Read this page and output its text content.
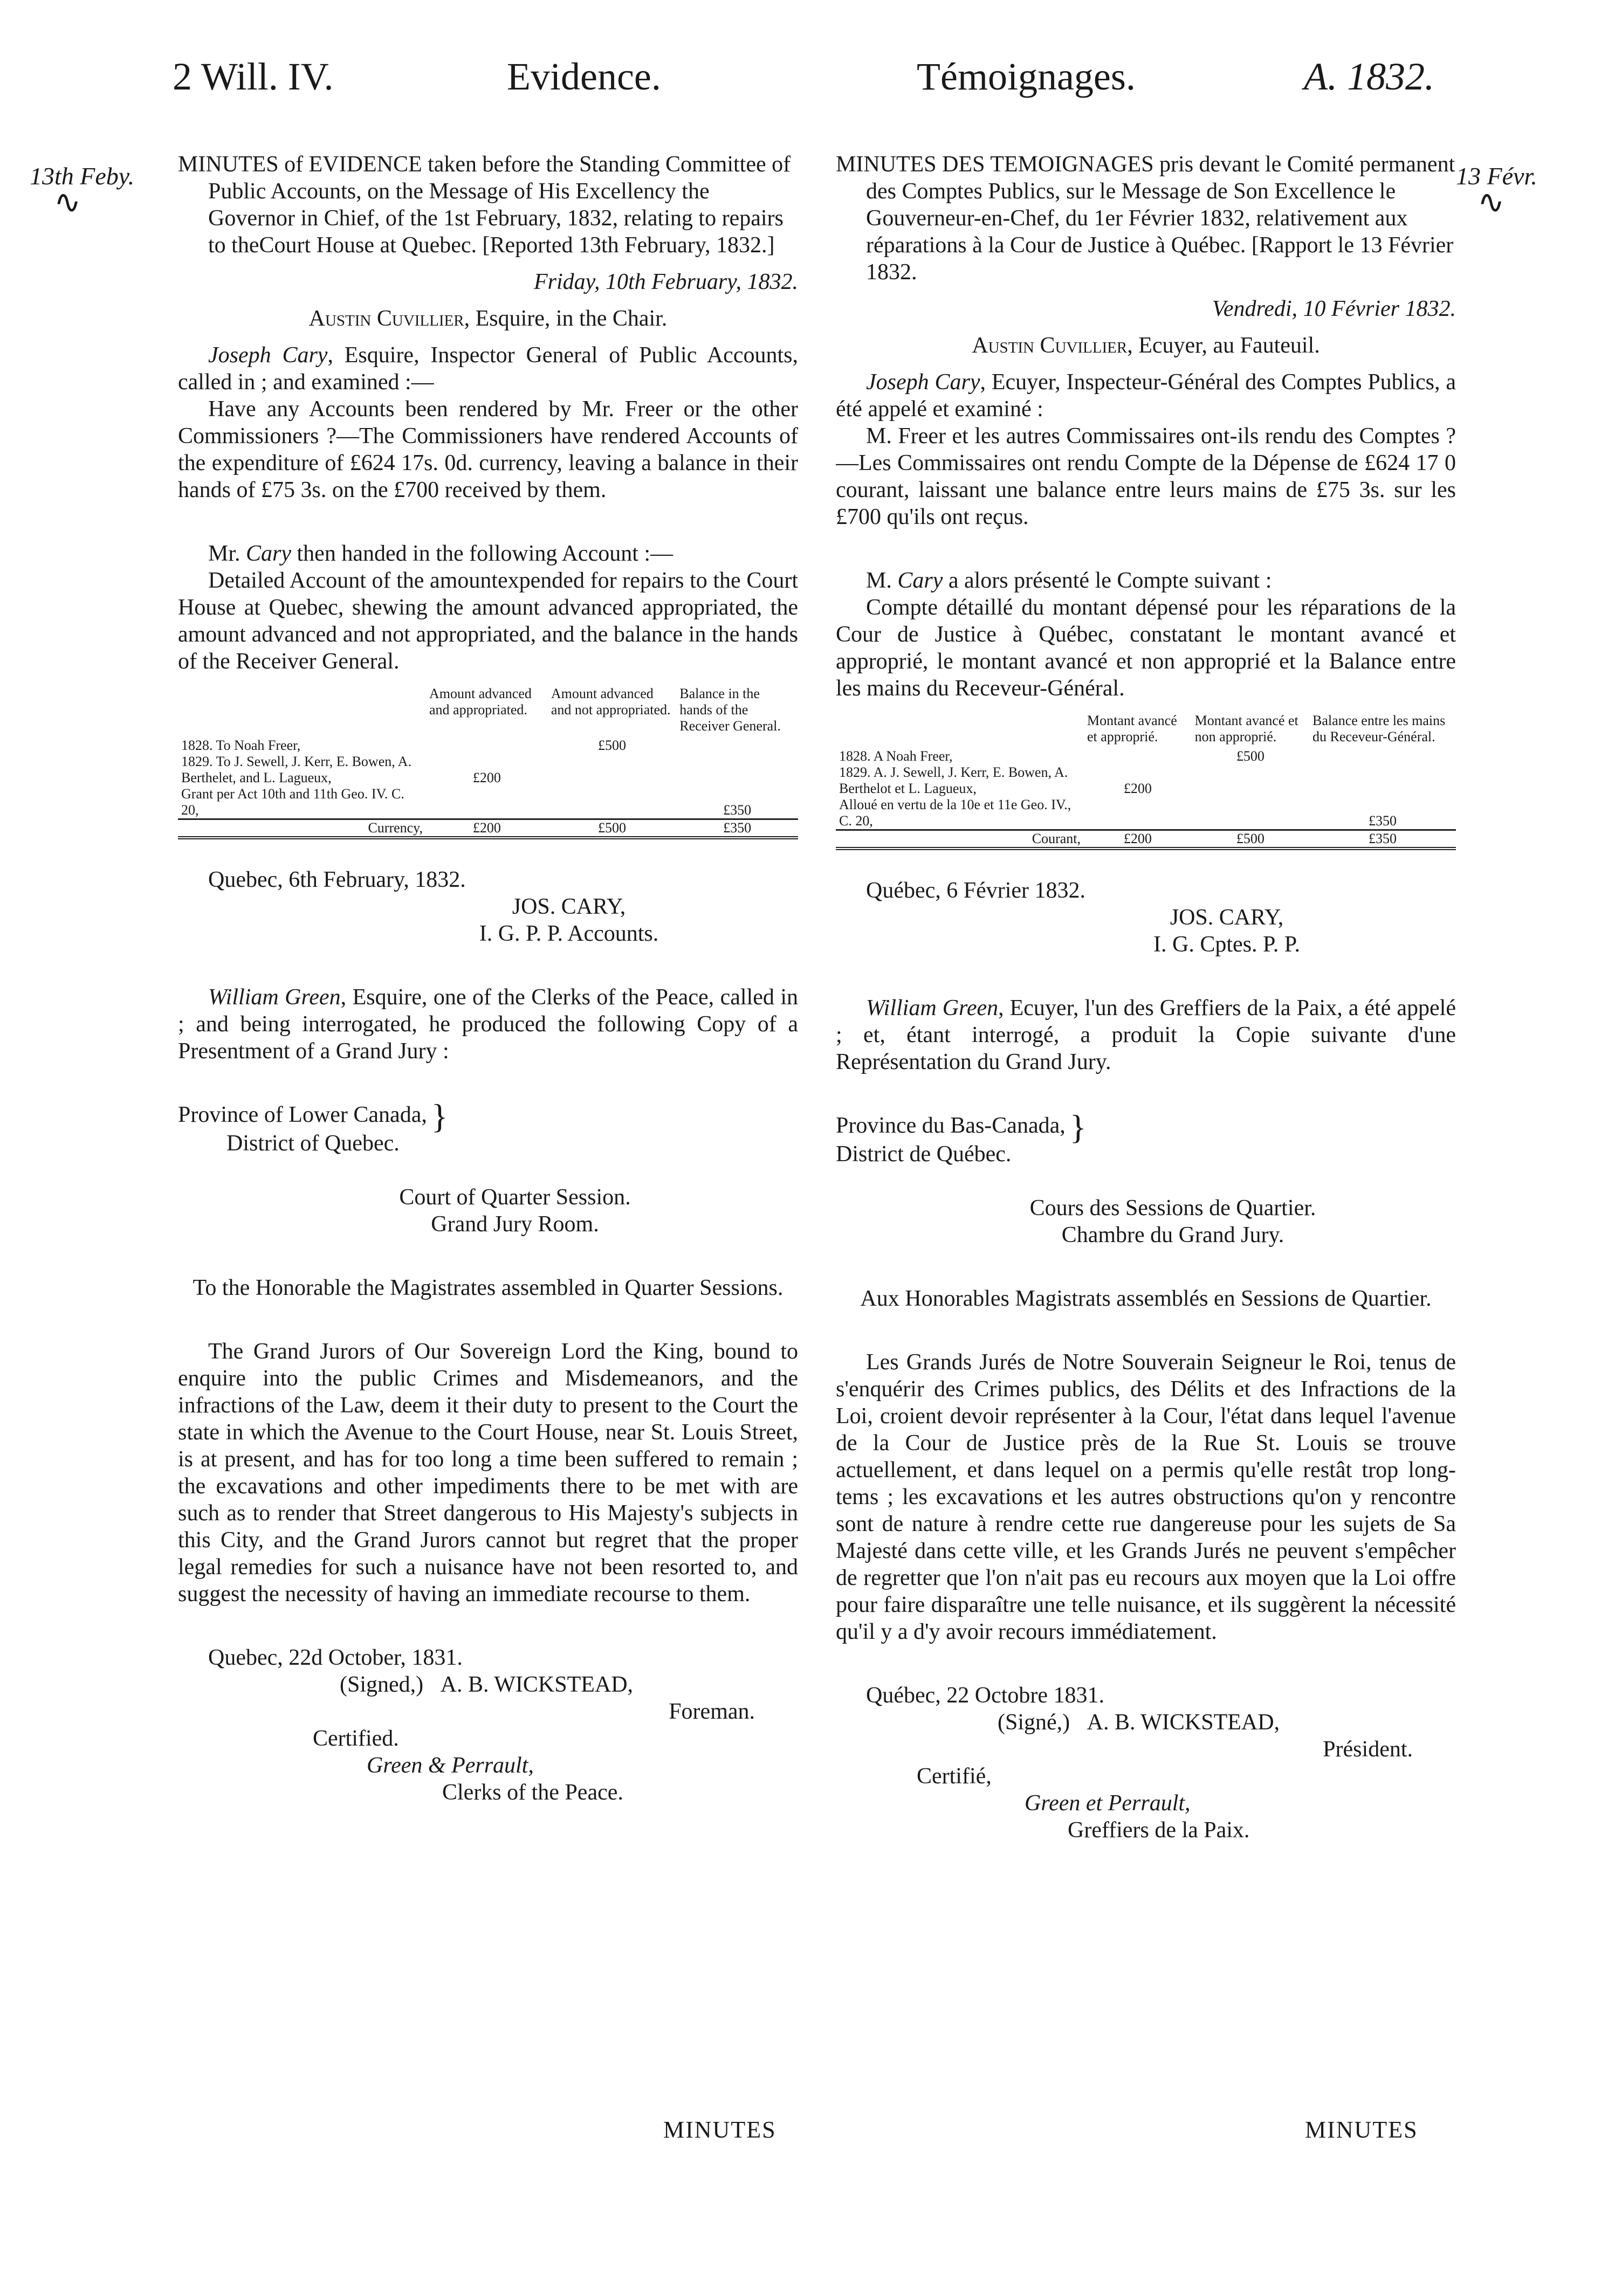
2 Will. IV.	Evidence.	Témoignages.	A. 1832.
13th Feby.
∿
13 Févr.
∿

MINUTES of EVIDENCE taken before the Standing Committee of Public Accounts, on the Message of His Excellency the Governor in Chief, of the 1st February, 1832, relating to repairs to theCourt House at Quebec. [Reported 13th February, 1832.]

Friday, 10th February, 1832.

Austin Cuvillier, Esquire, in the Chair.

Joseph Cary, Esquire, Inspector General of Public Accounts, called in ; and examined :—

Have any Accounts been rendered by Mr. Freer or the other Commissioners ?—The Commissioners have rendered Accounts of the expenditure of £624 17s. 0d. currency, leaving a balance in their hands of £75 3s. on the £700 received by them.

Mr. Cary then handed in the following Account :—

Detailed Account of the amountexpended for repairs to the Court House at Quebec, shewing the amount advanced appropriated, the amount advanced and not appropriated, and the balance in the hands of the Receiver General.

	Amount advanced and appropriated.	Amount advanced and not appropriated.	Balance in the hands of the Receiver General.
1828. To Noah Freer,		£500	
1829. To J. Sewell, J. Kerr, E. Bowen, A. Berthelet, and L. Lagueux,	£200		
Grant per Act 10th and 11th Geo. IV. C. 20,			£350
Currency,	£200	£500	£350

Quebec, 6th February, 1832.

JOS. CARY,

I. G. P. P. Accounts.

William Green, Esquire, one of the Clerks of the Peace, called in ; and being interrogated, he produced the following Copy of a Presentment of a Grand Jury :

Province of Lower Canada, }

District of Quebec.

Court of Quarter Session.

Grand Jury Room.

To the Honorable the Magistrates assembled in Quarter Sessions.

The Grand Jurors of Our Sovereign Lord the King, bound to enquire into the public Crimes and Misdemeanors, and the infractions of the Law, deem it their duty to present to the Court the state in which the Avenue to the Court House, near St. Louis Street, is at present, and has for too long a time been suffered to remain ; the excavations and other impediments there to be met with are such as to render that Street dangerous to His Majesty's subjects in this City, and the Grand Jurors cannot but regret that the proper legal remedies for such a nuisance have not been resorted to, and suggest the necessity of having an immediate recourse to them.

Quebec, 22d October, 1831.

(Signed,) A. B. WICKSTEAD,

Foreman.

Certified.

Green & Perrault,

Clerks of the Peace.

MINUTES

MINUTES DES TEMOIGNAGES pris devant le Comité permanent des Comptes Publics, sur le Message de Son Excellence le Gouverneur-en-Chef, du 1er Février 1832, relativement aux réparations à la Cour de Justice à Québec. [Rapport le 13 Février 1832.

Vendredi, 10 Février 1832.

Austin Cuvillier, Ecuyer, au Fauteuil.

Joseph Cary, Ecuyer, Inspecteur-Général des Comptes Publics, a été appelé et examiné :

M. Freer et les autres Commissaires ont-ils rendu des Comptes ?—Les Commissaires ont rendu Compte de la Dépense de £624 17 0 courant, laissant une balance entre leurs mains de £75 3s. sur les £700 qu'ils ont reçus.

M. Cary a alors présenté le Compte suivant :

Compte détaillé du montant dépensé pour les réparations de la Cour de Justice à Québec, constatant le montant avancé et approprié, le montant avancé et non approprié et la Balance entre les mains du Receveur-Général.

	Montant avancé et approprié.	Montant avancé et non approprié.	Balance entre les mains du Receveur-Général.
1828. A Noah Freer,		£500	
1829. A. J. Sewell, J. Kerr, E. Bowen, A. Berthelot et L. Lagueux,	£200		
Alloué en vertu de la 10e et 11e Geo. IV., C. 20,			£350
Courant,	£200	£500	£350

Québec, 6 Février 1832.

JOS. CARY,

I. G. Cptes. P. P.

William Green, Ecuyer, l'un des Greffiers de la Paix, a été appelé ; et, étant interrogé, a produit la Copie suivante d'une Représentation du Grand Jury.

Province du Bas-Canada, }

District de Québec.

Cours des Sessions de Quartier.

Chambre du Grand Jury.

Aux Honorables Magistrats assemblés en Sessions de Quartier.

Les Grands Jurés de Notre Souverain Seigneur le Roi, tenus de s'enquérir des Crimes publics, des Délits et des Infractions de la Loi, croient devoir représenter à la Cour, l'état dans lequel l'avenue de la Cour de Justice près de la Rue St. Louis se trouve actuellement, et dans lequel on a permis qu'elle restât trop long-tems ; les excavations et les autres obstructions qu'on y rencontre sont de nature à rendre cette rue dangereuse pour les sujets de Sa Majesté dans cette ville, et les Grands Jurés ne peuvent s'empêcher de regretter que l'on n'ait pas eu recours aux moyen que la Loi offre pour faire disparaître une telle nuisance, et ils suggèrent la nécessité qu'il y a d'y avoir recours immédiatement.

Québec, 22 Octobre 1831.

(Signé,) A. B. WICKSTEAD,

Président.

Certifié,

Green et Perrault,

Greffiers de la Paix.

MINUTES
